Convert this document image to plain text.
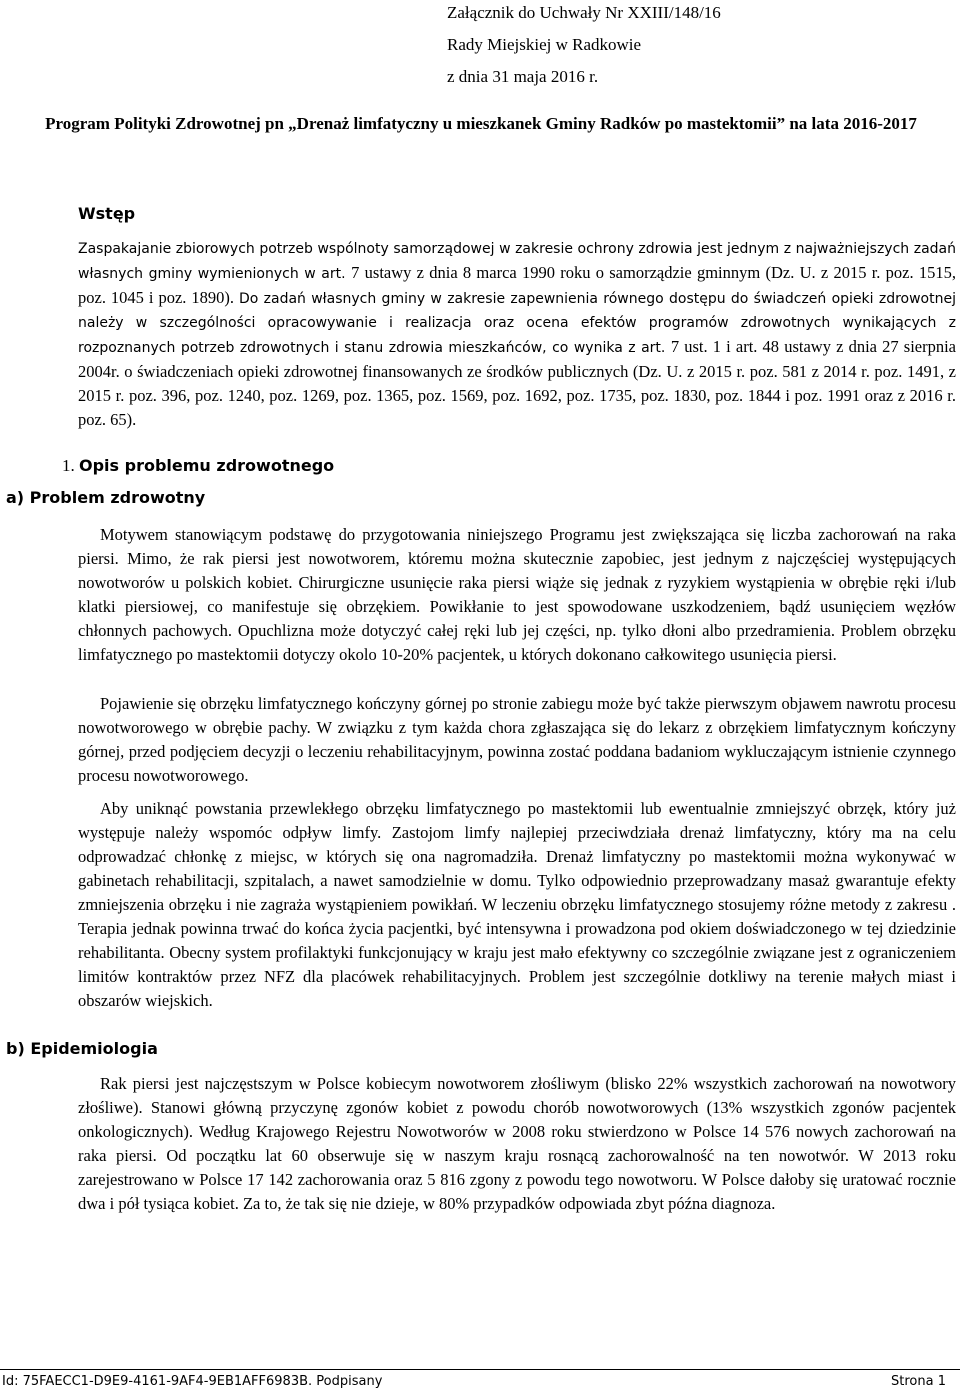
Załącznik do Uchwały Nr XXIII/148/16
Rady Miejskiej w Radkowie
z dnia 31 maja 2016 r.
Program Polityki Zdrowotnej pn „Drenaż limfatyczny u mieszkanek Gminy Radków po mastektomii” na lata 2016-2017
Wstęp
Zaspakajanie zbiorowych potrzeb wspólnoty samorządowej w zakresie ochrony zdrowia jest jednym z najważniejszych zadań własnych gminy wymienionych w art. 7 ustawy z dnia 8 marca 1990 roku o samorządzie gminnym (Dz. U. z 2015 r. poz. 1515, poz. 1045 i poz. 1890). Do zadań własnych gminy w zakresie zapewnienia równego dostępu do świadczeń opieki zdrowotnej należy w szczególności opracowywanie i realizacja oraz ocena efektów programów zdrowotnych wynikających z rozpoznanych potrzeb zdrowotnych i stanu zdrowia mieszkańców, co wynika z art. 7 ust. 1 i art. 48 ustawy z dnia 27 sierpnia 2004r. o świadczeniach opieki zdrowotnej finansowanych ze środków publicznych (Dz. U. z 2015 r. poz. 581 z 2014 r. poz. 1491, z 2015 r. poz. 396, poz. 1240, poz. 1269, poz. 1365, poz. 1569, poz. 1692, poz. 1735, poz. 1830, poz. 1844 i poz. 1991 oraz z 2016 r. poz. 65).
1. Opis problemu zdrowotnego
a) Problem zdrowotny
Motywem stanowiącym podstawę do przygotowania niniejszego Programu jest zwiększająca się liczba zachorowań na raka piersi. Mimo, że rak piersi jest nowotworem, któremu można skutecznie zapobiec, jest jednym z najczęściej występujących nowotworów u polskich kobiet. Chirurgiczne usunięcie raka piersi wiąże się jednak z ryzykiem wystąpienia w obrębie ręki i/lub klatki piersiowej, co manifestuje się obrzękiem. Powikłanie to jest spowodowane uszkodzeniem, bądź usunięciem węzłów chłonnych pachowych. Opuchlizna może dotyczyć całej ręki lub jej części, np. tylko dłoni albo przedramienia. Problem obrzęku limfatycznego po mastektomii dotyczy okolo 10-20% pacjentek, u których dokonano całkowitego usunięcia piersi.
Pojawienie się obrzęku limfatycznego kończyny górnej po stronie zabiegu może być także pierwszym objawem nawrotu procesu nowotworowego w obrębie pachy. W związku z tym każda chora zgłaszająca się do lekarz z obrzękiem limfatycznym kończyny górnej, przed podjęciem decyzji o leczeniu rehabilitacyjnym, powinna zostać poddana badaniom wykluczającym istnienie czynnego procesu nowotworowego.
Aby uniknąć powstania przewlekłego obrzęku limfatycznego po mastektomii lub ewentualnie zmniejszyć obrzęk, który już występuje należy wspomóc odpływ limfy. Zastojom limfy najlepiej przeciwdziała drenaż limfatyczny, który ma na celu odprowadzać chłonkę z miejsc, w których się ona nagromadziła. Drenaż limfatyczny po mastektomii można wykonywać w gabinetach rehabilitacji, szpitalach, a nawet samodzielnie w domu. Tylko odpowiednio przeprowadzany masaż gwarantuje efekty zmniejszenia obrzęku i nie zagraża wystąpieniem powikłań. W leczeniu obrzęku limfatycznego stosujemy różne metody z zakresu . Terapia jednak powinna trwać do końca życia pacjentki, być intensywna i prowadzona pod okiem doświadczonego w tej dziedzinie rehabilitanta. Obecny system profilaktyki funkcjonujący w kraju jest mało efektywny co szczególnie związane jest z ograniczeniem limitów kontraktów przez NFZ dla placówek rehabilitacyjnych. Problem jest szczególnie dotkliwy na terenie małych miast i obszarów wiejskich.
b) Epidemiologia
Rak piersi jest najczęstszym w Polsce kobiecym nowotworem złośliwym (blisko 22% wszystkich zachorowań na nowotwory złośliwe). Stanowi główną przyczynę zgonów kobiet z powodu chorób nowotworowych (13% wszystkich zgonów pacjentek onkologicznych). Według Krajowego Rejestru Nowotworów w 2008 roku stwierdzono w Polsce 14 576 nowych zachorowań na raka piersi. Od początku lat 60 obserwuje się w naszym kraju rosnącą zachorowalność na ten nowotwór. W 2013 roku zarejestrowano w Polsce 17 142 zachorowania oraz 5 816 zgony z powodu tego nowotworu. W Polsce dałoby się uratować rocznie dwa i pół tysiąca kobiet. Za to, że tak się nie dzieje, w 80% przypadków odpowiada zbyt późna diagnoza.
Id: 75FAECC1-D9E9-4161-9AF4-9EB1AFF6983B. Podpisany	Strona 1
